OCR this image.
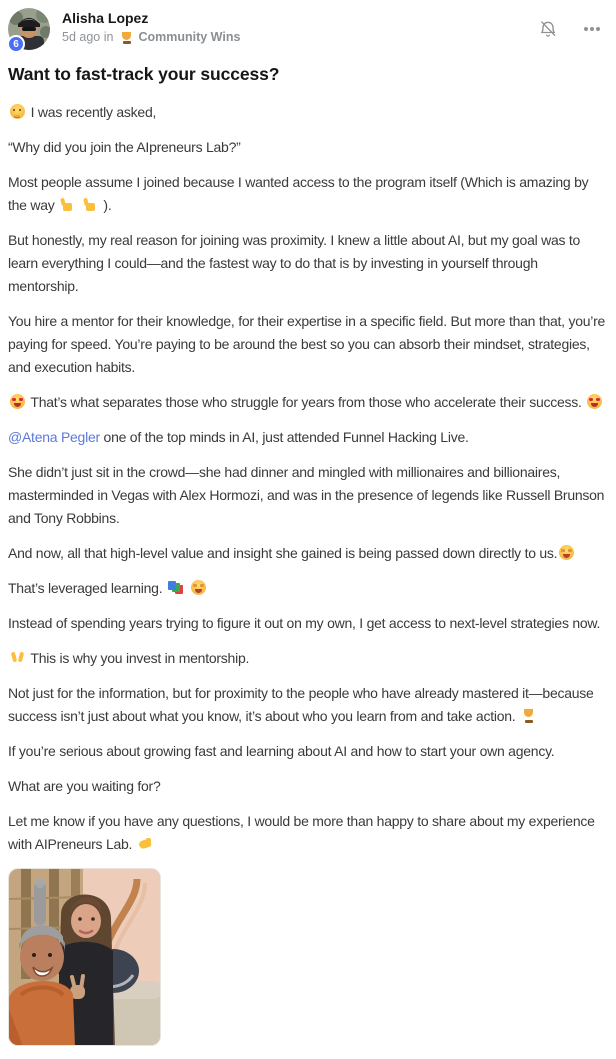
6
Alisha Lopez
5d ago in Community Wins
Want to fast-track your success?

I was recently asked,

“Why did you join the AIpreneurs Lab?”

Most people assume I joined because I wanted access to the program itself (Which is amazing by the way	).

But honestly, my real reason for joining was proximity. I knew a little about AI, but my goal was to learn everything I could—and the fastest way to do that is by investing in yourself through mentorship.

You hire a mentor for their knowledge, for their expertise in a specific field. But more than that, you’re paying for speed. You’re paying to be around the best so you can absorb their mindset, strategies, and execution habits.

That’s what separates those who struggle for years from those who accelerate their success.

@Atena Pegler one of the top minds in AI, just attended Funnel Hacking Live.

She didn’t just sit in the crowd—she had dinner and mingled with millionaires and billionaires, masterminded in Vegas with Alex Hormozi, and was in the presence of legends like Russell Brunson and Tony Robbins.

And now, all that high-level value and insight she gained is being passed down directly to us.

That’s leveraged learning.

Instead of spending years trying to figure it out on my own, I get access to next-level strategies now.

This is why you invest in mentorship.

Not just for the information, but for proximity to the people who have already mastered it—because success isn’t just about what you know, it’s about who you learn from and take action.

If you’re serious about growing fast and learning about AI and how to start your own agency.

What are you waiting for?

Let me know if you have any questions, I would be more than happy to share about my experience with AIPreneurs Lab.
